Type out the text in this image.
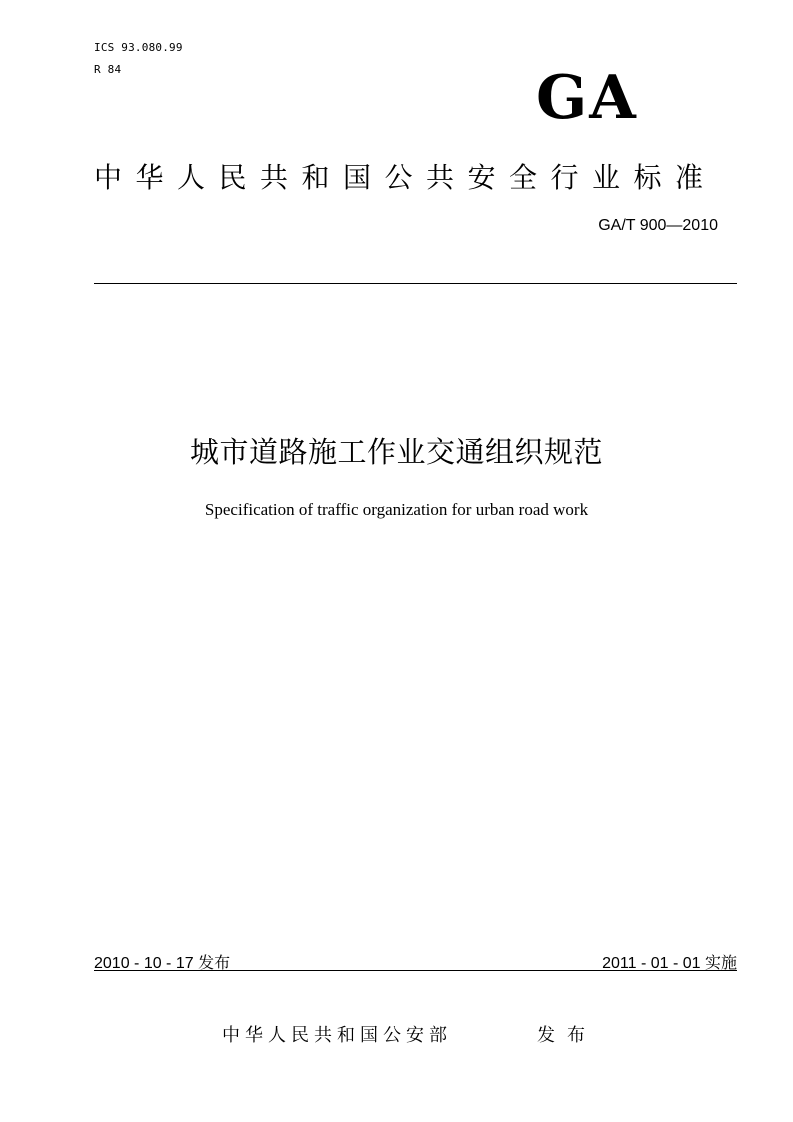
ICS 93.080.99
R 84	GA
中华人民共和国公共安全行业标准
GA/T 900—2010
城市道路施工作业交通组织规范
Specification of traffic organization for urban road work
2010 - 10 - 17 发布	2011 - 01 - 01 实施
中华人民共和国公安部	发布
